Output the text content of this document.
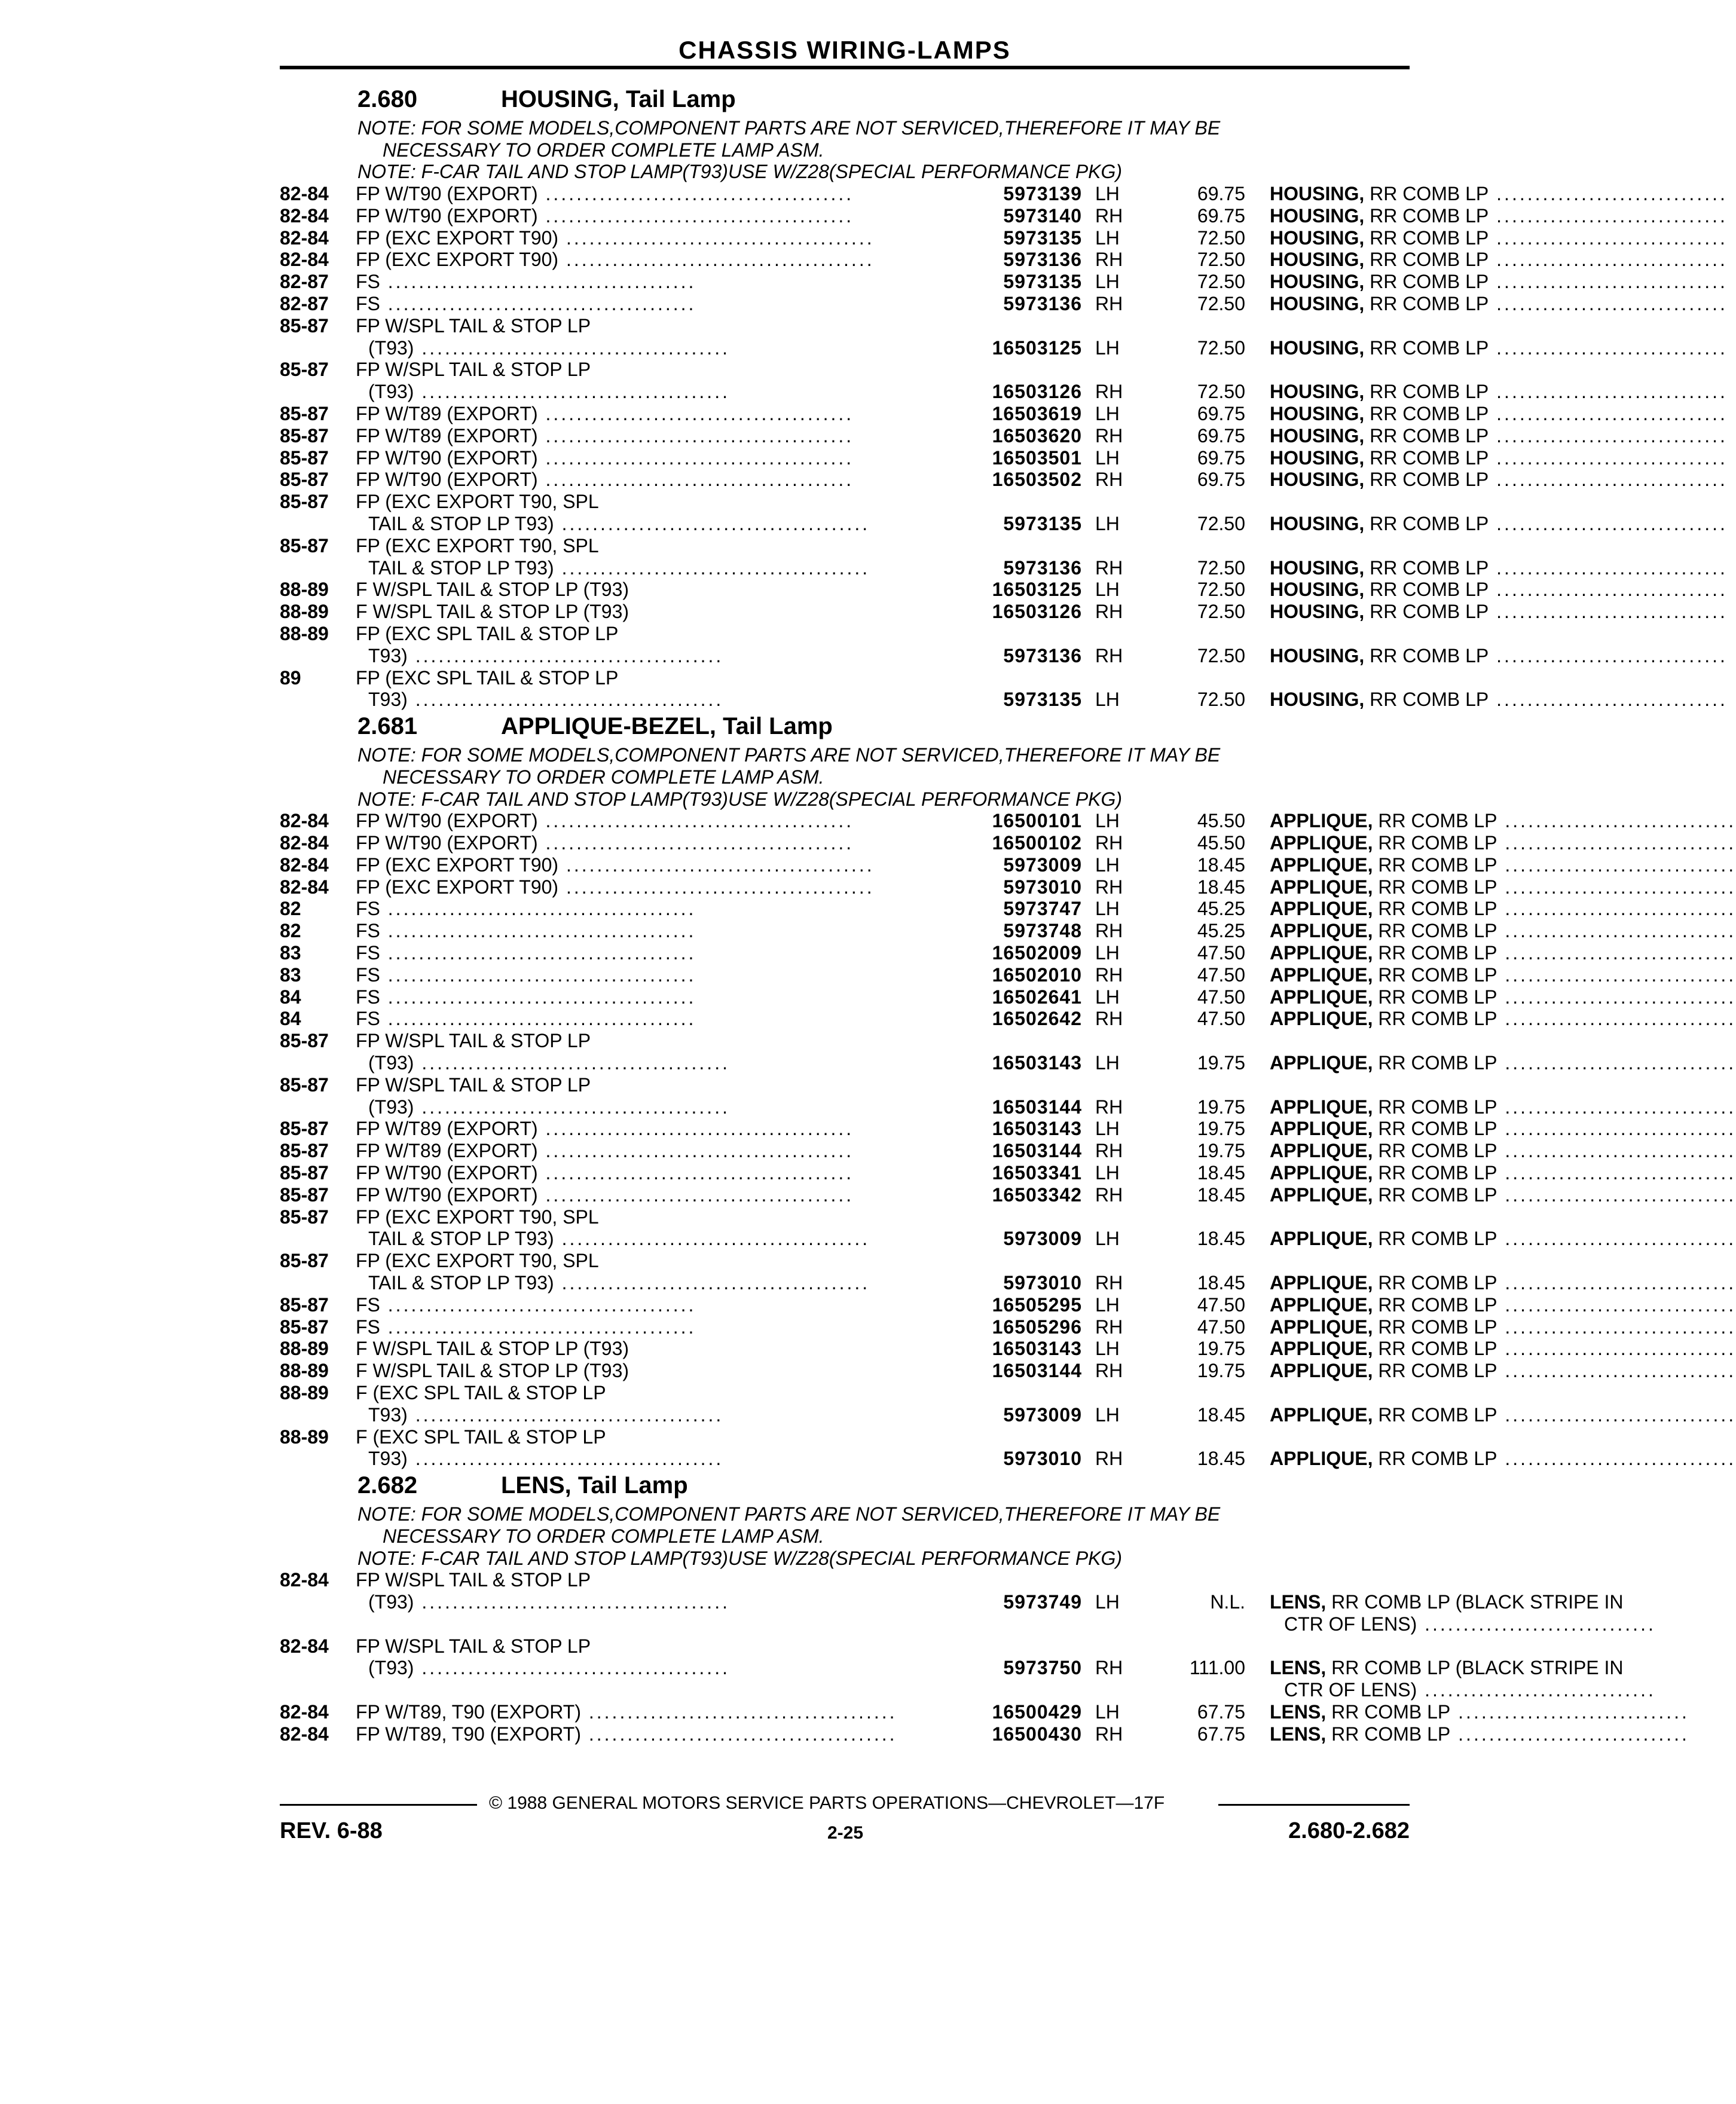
CHASSIS WIRING-LAMPS
2.680	HOUSING, Tail Lamp
NOTE: FOR SOME MODELS,COMPONENT PARTS ARE NOT SERVICED,THEREFORE IT MAY BE
NECESSARY TO ORDER COMPLETE LAMP ASM.
NOTE: F-CAR TAIL AND STOP LAMP(T93)USE W/Z28(SPECIAL PERFORMANCE PKG)
82-84 FP W/T90 (EXPORT) ........................................	5973139 LH	69.75 HOUSING, RR COMB LP ..............................
82-84 FP W/T90 (EXPORT) ........................................	5973140 RH	69.75 HOUSING, RR COMB LP ..............................
82-84 FP (EXC EXPORT T90) ........................................	5973135 LH	72.50 HOUSING, RR COMB LP ..............................
82-84 FP (EXC EXPORT T90) ........................................	5973136 RH	72.50 HOUSING, RR COMB LP ..............................
82-87 FS ........................................	5973135 LH	72.50 HOUSING, RR COMB LP ..............................
82-87 FS ........................................	5973136 RH	72.50 HOUSING, RR COMB LP ..............................
85-87 FP W/SPL TAIL & STOP LP
(T93) ........................................	16503125 LH	72.50 HOUSING, RR COMB LP ..............................
85-87 FP W/SPL TAIL & STOP LP
(T93) ........................................	16503126 RH	72.50 HOUSING, RR COMB LP ..............................
85-87 FP W/T89 (EXPORT) ........................................	16503619 LH	69.75 HOUSING, RR COMB LP ..............................
85-87 FP W/T89 (EXPORT) ........................................	16503620 RH	69.75 HOUSING, RR COMB LP ..............................
85-87 FP W/T90 (EXPORT) ........................................	16503501 LH	69.75 HOUSING, RR COMB LP ..............................
85-87 FP W/T90 (EXPORT) ........................................	16503502 RH	69.75 HOUSING, RR COMB LP ..............................
85-87 FP (EXC EXPORT T90, SPL
TAIL & STOP LP T93) ........................................	5973135 LH	72.50 HOUSING, RR COMB LP ..............................
85-87 FP (EXC EXPORT T90, SPL
TAIL & STOP LP T93) ........................................	5973136 RH	72.50 HOUSING, RR COMB LP ..............................
88-89 F W/SPL TAIL & STOP LP (T93)	16503125 LH	72.50 HOUSING, RR COMB LP ..............................
88-89 F W/SPL TAIL & STOP LP (T93)	16503126 RH	72.50 HOUSING, RR COMB LP ..............................
88-89 FP (EXC SPL TAIL & STOP LP
T93) ........................................	5973136 RH	72.50 HOUSING, RR COMB LP ..............................
89	FP (EXC SPL TAIL & STOP LP
T93) ........................................	5973135 LH	72.50 HOUSING, RR COMB LP ..............................
2.681	APPLIQUE-BEZEL, Tail Lamp
NOTE: FOR SOME MODELS,COMPONENT PARTS ARE NOT SERVICED,THEREFORE IT MAY BE
NECESSARY TO ORDER COMPLETE LAMP ASM.
NOTE: F-CAR TAIL AND STOP LAMP(T93)USE W/Z28(SPECIAL PERFORMANCE PKG)
82-84 FP W/T90 (EXPORT) ........................................	16500101 LH	45.50 APPLIQUE, RR COMB LP ..............................
82-84 FP W/T90 (EXPORT) ........................................	16500102 RH	45.50 APPLIQUE, RR COMB LP ..............................
82-84 FP (EXC EXPORT T90) ........................................	5973009 LH	18.45 APPLIQUE, RR COMB LP ..............................
82-84 FP (EXC EXPORT T90) ........................................	5973010 RH	18.45 APPLIQUE, RR COMB LP ..............................
82	FS ........................................	5973747 LH	45.25 APPLIQUE, RR COMB LP ..............................
82	FS ........................................	5973748 RH	45.25 APPLIQUE, RR COMB LP ..............................
83	FS ........................................	16502009 LH	47.50 APPLIQUE, RR COMB LP ..............................
83	FS ........................................	16502010 RH	47.50 APPLIQUE, RR COMB LP ..............................
84	FS ........................................	16502641 LH	47.50 APPLIQUE, RR COMB LP ..............................
84	FS ........................................	16502642 RH	47.50 APPLIQUE, RR COMB LP ..............................
85-87 FP W/SPL TAIL & STOP LP
(T93) ........................................	16503143 LH	19.75 APPLIQUE, RR COMB LP ..............................
85-87 FP W/SPL TAIL & STOP LP
(T93) ........................................	16503144 RH	19.75 APPLIQUE, RR COMB LP ..............................
85-87 FP W/T89 (EXPORT) ........................................	16503143 LH	19.75 APPLIQUE, RR COMB LP ..............................
85-87 FP W/T89 (EXPORT) ........................................	16503144 RH	19.75 APPLIQUE, RR COMB LP ..............................
85-87 FP W/T90 (EXPORT) ........................................	16503341 LH	18.45 APPLIQUE, RR COMB LP ..............................
85-87 FP W/T90 (EXPORT) ........................................	16503342 RH	18.45 APPLIQUE, RR COMB LP ..............................
85-87 FP (EXC EXPORT T90, SPL
TAIL & STOP LP T93) ........................................	5973009 LH	18.45 APPLIQUE, RR COMB LP ..............................
85-87 FP (EXC EXPORT T90, SPL
TAIL & STOP LP T93) ........................................	5973010 RH	18.45 APPLIQUE, RR COMB LP ..............................
85-87 FS ........................................	16505295 LH	47.50 APPLIQUE, RR COMB LP ..............................
85-87 FS ........................................	16505296 RH	47.50 APPLIQUE, RR COMB LP ..............................
88-89 F W/SPL TAIL & STOP LP (T93)	16503143 LH	19.75 APPLIQUE, RR COMB LP ..............................
88-89 F W/SPL TAIL & STOP LP (T93)	16503144 RH	19.75 APPLIQUE, RR COMB LP ..............................
88-89 F (EXC SPL TAIL & STOP LP
T93) ........................................	5973009 LH	18.45 APPLIQUE, RR COMB LP ..............................
88-89 F (EXC SPL TAIL & STOP LP
T93) ........................................	5973010 RH	18.45 APPLIQUE, RR COMB LP ..............................
2.682	LENS, Tail Lamp
NOTE: FOR SOME MODELS,COMPONENT PARTS ARE NOT SERVICED,THEREFORE IT MAY BE
NECESSARY TO ORDER COMPLETE LAMP ASM.
NOTE: F-CAR TAIL AND STOP LAMP(T93)USE W/Z28(SPECIAL PERFORMANCE PKG)
82-84 FP W/SPL TAIL & STOP LP
(T93) ........................................	5973749 LH	N.L. LENS, RR COMB LP (BLACK STRIPE IN
CTR OF LENS) ..............................
82-84 FP W/SPL TAIL & STOP LP
(T93) ........................................	5973750 RH	111.00 LENS, RR COMB LP (BLACK STRIPE IN
CTR OF LENS) ..............................
82-84 FP W/T89, T90 (EXPORT) ........................................	16500429 LH	67.75 LENS, RR COMB LP ..............................
82-84 FP W/T89, T90 (EXPORT) ........................................	16500430 RH	67.75 LENS, RR COMB LP ..............................
© 1988 GENERAL MOTORS SERVICE PARTS OPERATIONS—CHEVROLET—17F
REV. 6-88	2-25	2.680-2.682
